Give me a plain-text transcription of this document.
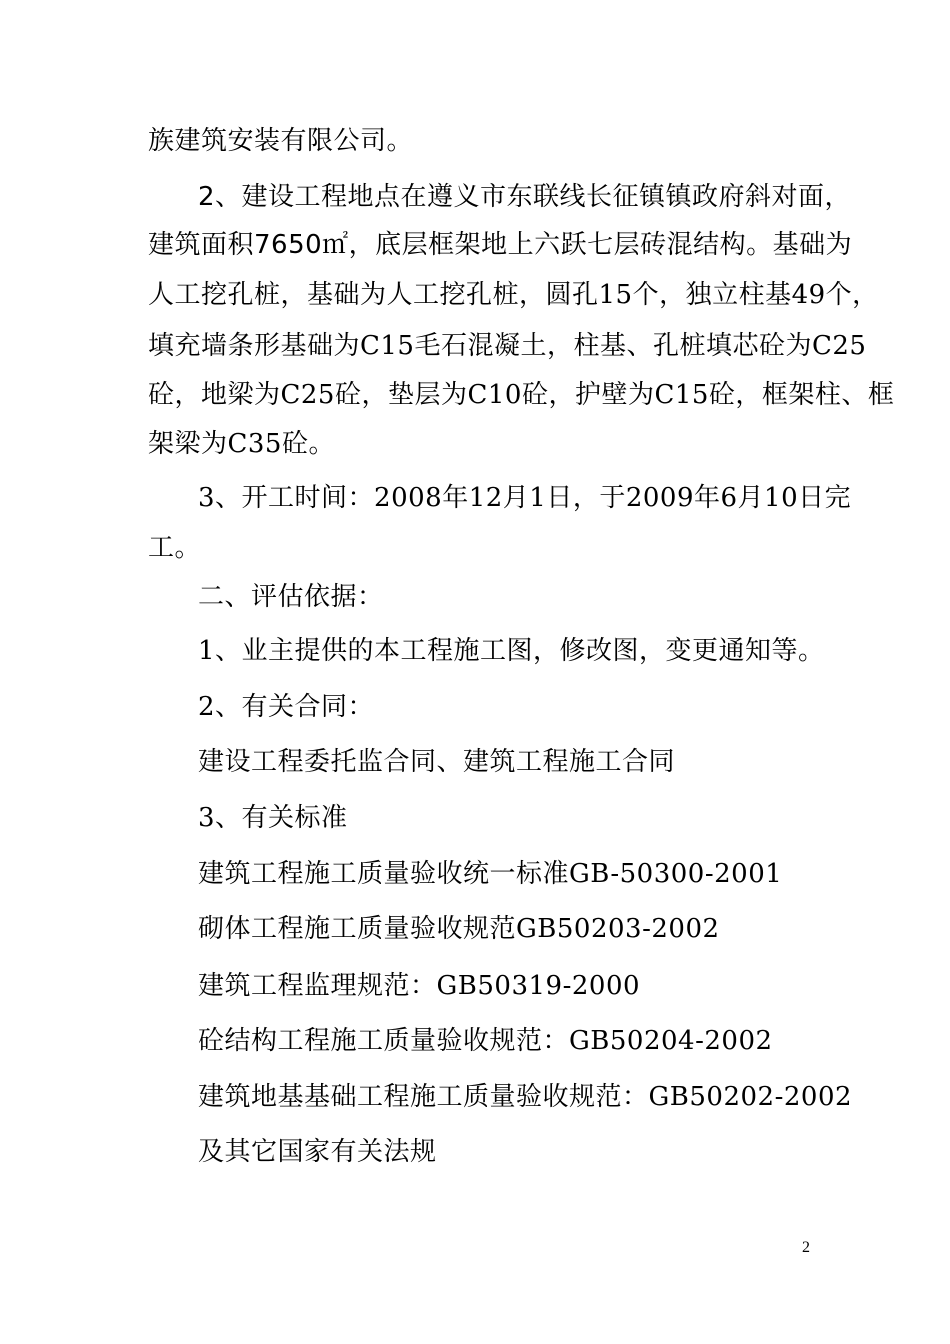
族建筑安装有限公司。
2、建设工程地点在遵义市东联线长征镇镇政府斜对面，
建筑面积7650㎡，底层框架地上六跃七层砖混结构。基础为
人工挖孔桩，基础为人工挖孔桩，圆孔15个，独立柱基49个，
填充墙条形基础为C15毛石混凝土，柱基、孔桩填芯砼为C25
砼，地梁为C25砼，垫层为C10砼，护壁为C15砼，框架柱、框
架梁为C35砼。
3、开工时间：2008年12月1日，于2009年6月10日完
工。
二、评估依据：
1、业主提供的本工程施工图，修改图，变更通知等。
2、有关合同：
建设工程委托监合同、建筑工程施工合同
3、有关标准
建筑工程施工质量验收统一标准GB-50300-2001
砌体工程施工质量验收规范GB50203-2002
建筑工程监理规范：GB50319-2000
砼结构工程施工质量验收规范：GB50204-2002
建筑地基基础工程施工质量验收规范：GB50202-2002
及其它国家有关法规
2
